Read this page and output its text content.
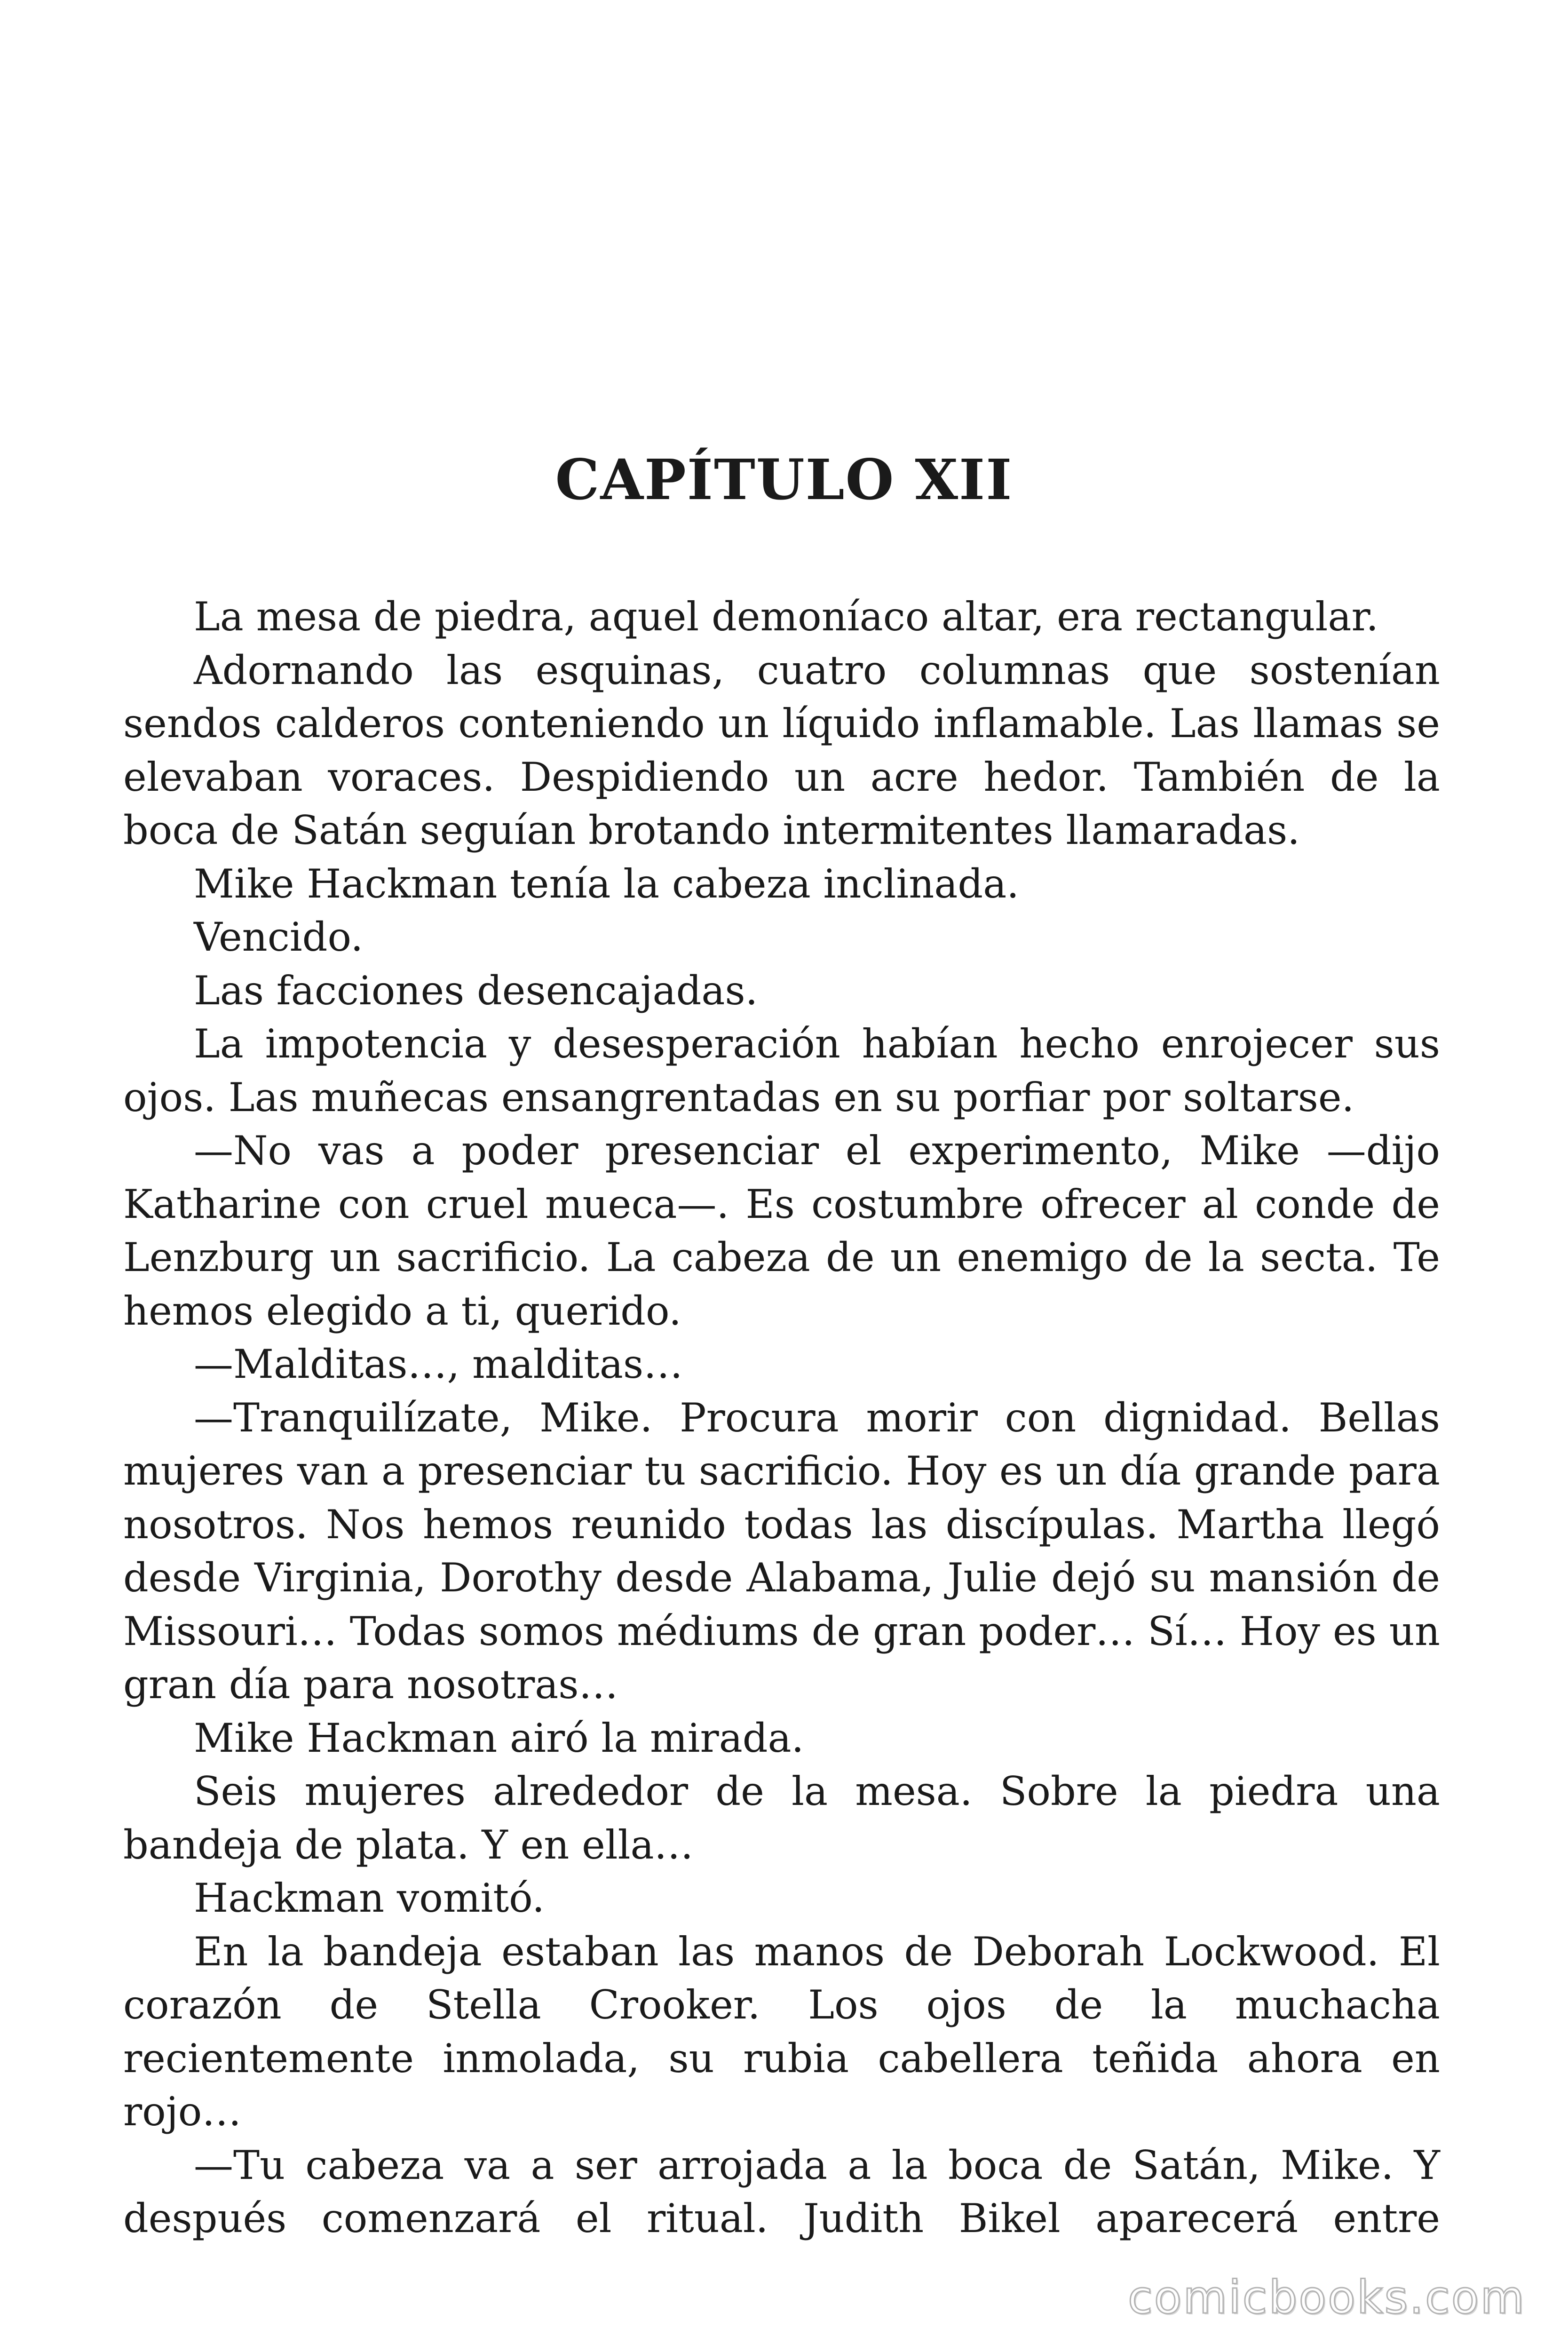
CAPÍTULO XII

La mesa de piedra, aquel demoníaco altar, era rectangular.

Adornando las esquinas, cuatro columnas que sostenían sendos calderos conteniendo un líquido inflamable. Las llamas se elevaban voraces. Despidiendo un acre hedor. También de la boca de Satán seguían brotando intermitentes llamaradas.

Mike Hackman tenía la cabeza inclinada.

Vencido.

Las facciones desencajadas.

La impotencia y desesperación habían hecho enrojecer sus ojos. Las muñecas ensangrentadas en su porfiar por soltarse.

—No vas a poder presenciar el experimento, Mike —dijo Katharine con cruel mueca—. Es costumbre ofrecer al conde de Lenzburg un sacrificio. La cabeza de un enemigo de la secta. Te hemos elegido a ti, querido.

—Malditas…, malditas…

—Tranquilízate, Mike. Procura morir con dignidad. Bellas mujeres van a presenciar tu sacrificio. Hoy es un día grande para nosotros. Nos hemos reunido todas las discípulas. Martha llegó desde Virginia, Dorothy desde Alabama, Julie dejó su mansión de Missouri… Todas somos médiums de gran poder… Sí… Hoy es un gran día para nosotras…

Mike Hackman airó la mirada.

Seis mujeres alrededor de la mesa. Sobre la piedra una bandeja de plata. Y en ella…

Hackman vomitó.

En la bandeja estaban las manos de Deborah Lockwood. El corazón de Stella Crooker. Los ojos de la muchacha recientemente inmolada, su rubia cabellera teñida ahora en rojo…

—Tu cabeza va a ser arrojada a la boca de Satán, Mike. Y después comenzará el ritual. Judith Bikel aparecerá entre

comicbooks.com
